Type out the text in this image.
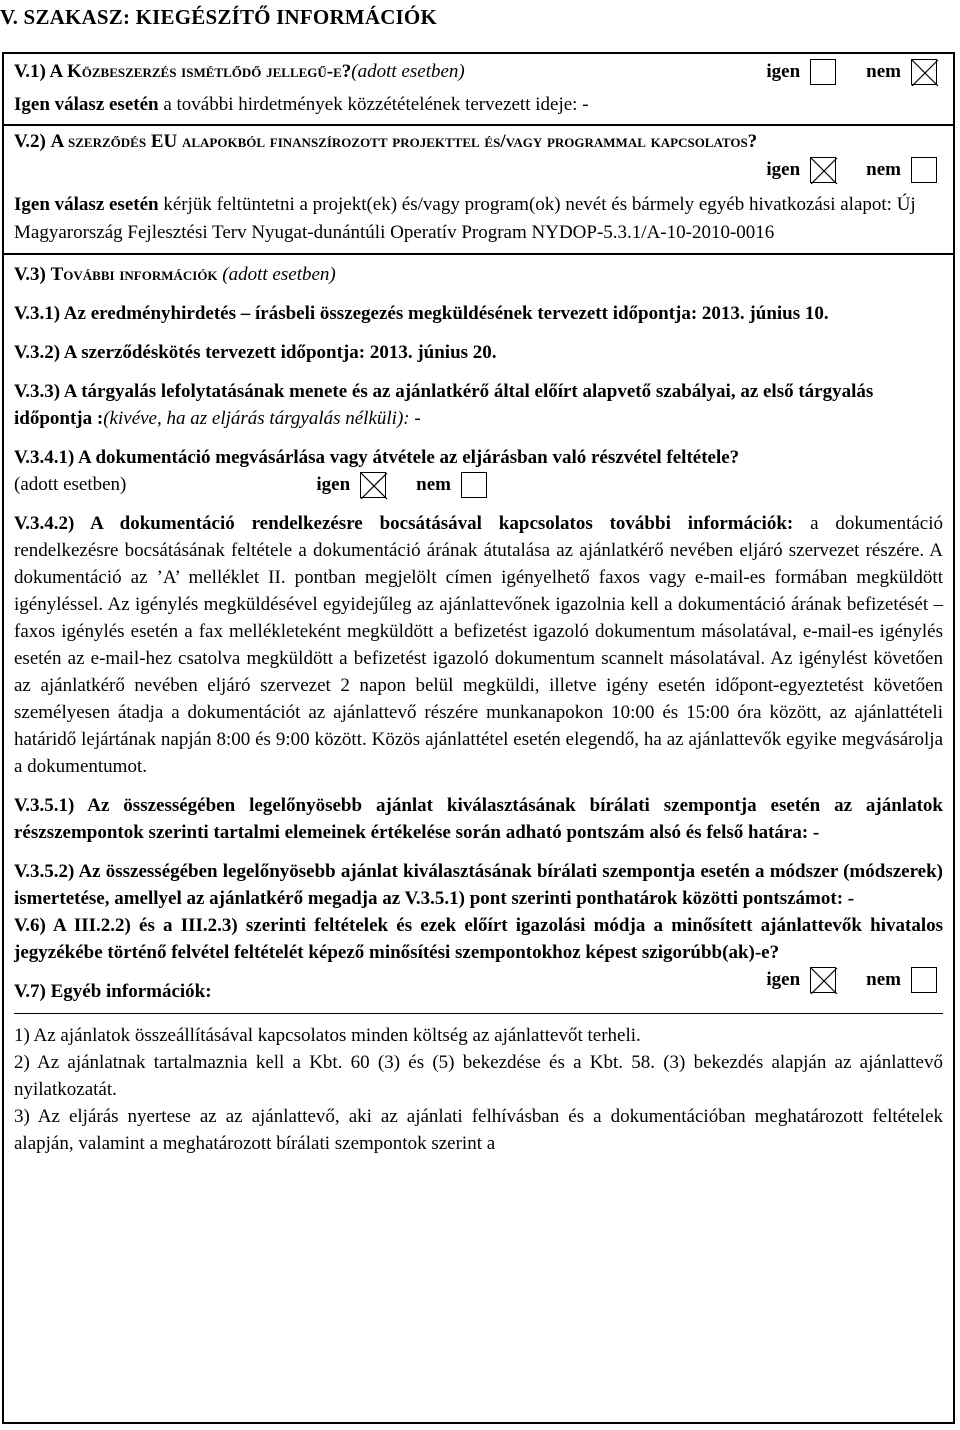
V. SZAKASZ: KIEGÉSZÍTŐ INFORMÁCIÓK
V.1) A Közbeszerzés ismétlődő jellegű-e? (adott esetben)	igen	nem

Igen válasz esetén a további hirdetmények közzétételének tervezett ideje: -

V.2) A szerződés EU alapokból finanszírozott projekttel és/vagy programmal kapcsolatos?

igen	nem

Igen válasz esetén kérjük feltüntetni a projekt(ek) és/vagy program(ok) nevét és bármely egyéb hivatkozási alapot: Új Magyarország Fejlesztési Terv Nyugat-dunántúli Operatív Program NYDOP-5.3.1/A-10-2010-0016

V.3) További információk (adott esetben)

V.3.1) Az eredményhirdetés – írásbeli összegezés megküldésének tervezett időpontja: 2013. június 10.

V.3.2) A szerződéskötés tervezett időpontja: 2013. június 20.

V.3.3) A tárgyalás lefolytatásának menete és az ajánlatkérő által előírt alapvető szabályai, az első tárgyalás időpontja :(kivéve, ha az eljárás tárgyalás nélküli): -

V.3.4.1) A dokumentáció megvásárlása vagy átvétele az eljárásban való részvétel feltétele?

(adott esetben)	igen	nem

V.3.4.2) A dokumentáció rendelkezésre bocsátásával kapcsolatos további információk: a dokumentáció rendelkezésre bocsátásának feltétele a dokumentáció árának átutalása az ajánlatkérő nevében eljáró szervezet részére. A dokumentáció az ’A’ melléklet II. pontban megjelölt címen igényelhető faxos vagy e-mail-es formában megküldött igényléssel. Az igénylés megküldésével egyidejűleg az ajánlattevőnek igazolnia kell a dokumentáció árának befizetését – faxos igénylés esetén a fax mellékleteként megküldött a befizetést igazoló dokumentum másolatával, e-mail-es igénylés esetén az e-mail-hez csatolva megküldött a befizetést igazoló dokumentum scannelt másolatával. Az igénylést követően az ajánlatkérő nevében eljáró szervezet 2 napon belül megküldi, illetve igény esetén időpont-egyeztetést követően személyesen átadja a dokumentációt az ajánlattevő részére munkanapokon 10:00 és 15:00 óra között, az ajánlattételi határidő lejártának napján 8:00 és 9:00 között. Közös ajánlattétel esetén elegendő, ha az ajánlattevők egyike megvásárolja a dokumentumot.

V.3.5.1) Az összességében legelőnyösebb ajánlat kiválasztásának bírálati szempontja esetén az ajánlatok részszempontok szerinti tartalmi elemeinek értékelése során adható pontszám alsó és felső határa: -

V.3.5.2) Az összességében legelőnyösebb ajánlat kiválasztásának bírálati szempontja esetén a módszer (módszerek) ismertetése, amellyel az ajánlatkérő megadja az V.3.5.1) pont szerinti ponthatárok közötti pontszámot: -

V.6) A III.2.2) és a III.2.3) szerinti feltételek és ezek előírt igazolási módja a minősített ajánlattevők hivatalos jegyzékébe történő felvétel feltételét képező minősítési szempontokhoz képest szigorúbb(ak)-e?
igen	nem

V.7) Egyéb információk:

1) Az ajánlatok összeállításával kapcsolatos minden költség az ajánlattevőt terheli.

2) Az ajánlatnak tartalmaznia kell a Kbt. 60 (3) és (5) bekezdése és a Kbt. 58. (3) bekezdés alapján az ajánlattevő nyilatkozatát.

3) Az eljárás nyertese az az ajánlattevő, aki az ajánlati felhívásban és a dokumentációban meghatározott feltételek alapján, valamint a meghatározott bírálati szempontok szerint a
